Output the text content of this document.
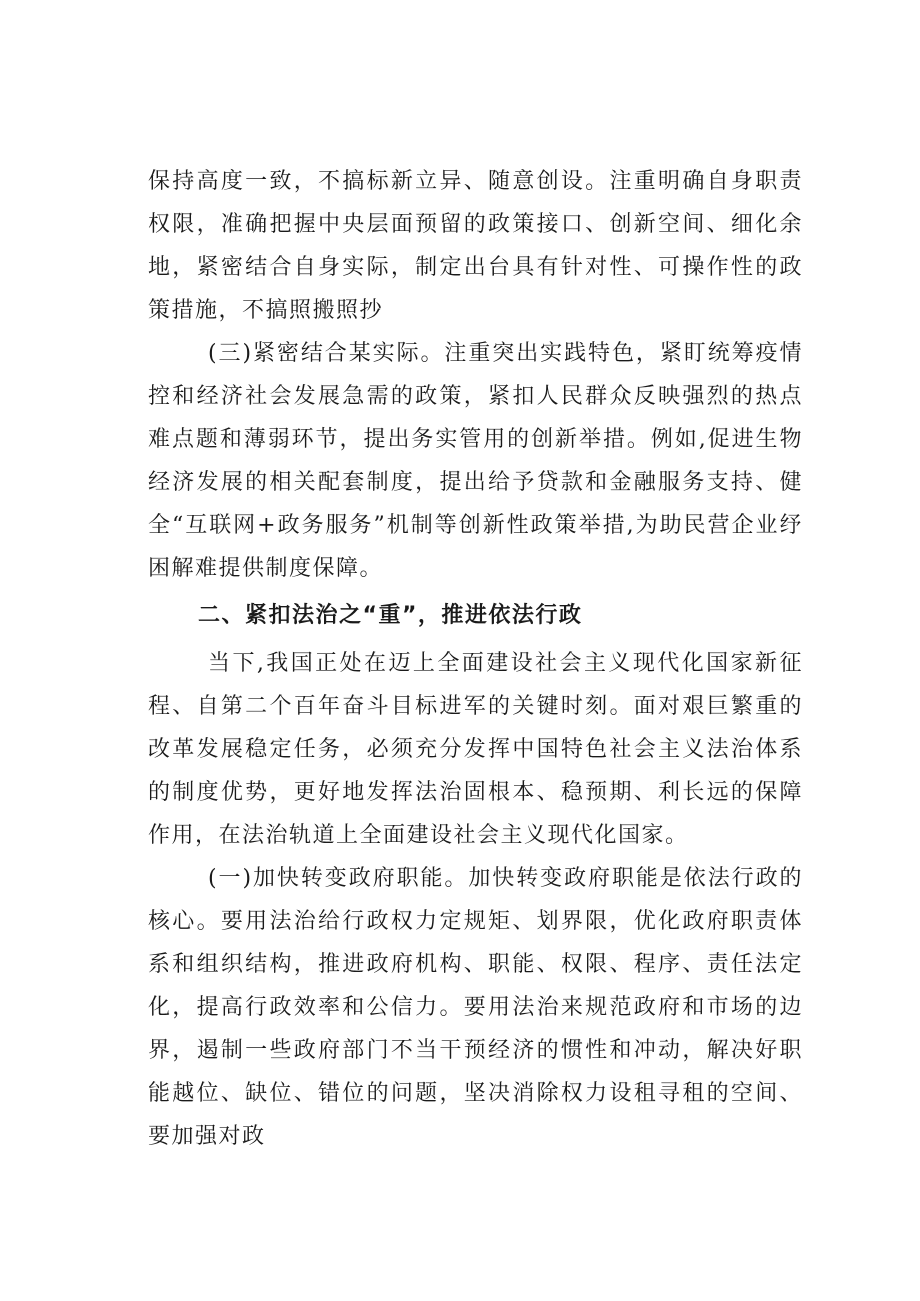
保持高度一致，不搞标新立异、随意创设。注重明确自身职责权限，准确把握中央层面预留的政策接口、创新空间、细化余地，紧密结合自身实际，制定出台具有针对性、可操作性的政策措施，不搞照搬照抄

(三)紧密结合某实际。注重突出实践特色，紧盯统筹疫情控和经济社会发展急需的政策，紧扣人民群众反映强烈的热点难点题和薄弱环节，提出务实管用的创新举措。例如,促进生物经济发展的相关配套制度，提出给予贷款和金融服务支持、健全“互联网+政务服务”机制等创新性政策举措,为助民营企业纾困解难提供制度保障。

二、紧扣法治之“重”，推进依法行政

当下,我国正处在迈上全面建设社会主义现代化国家新征程、自第二个百年奋斗目标进军的关键时刻。面对艰巨繁重的改革发展稳定任务，必须充分发挥中国特色社会主义法治体系的制度优势，更好地发挥法治固根本、稳预期、利长远的保障作用，在法治轨道上全面建设社会主义现代化国家。

(一)加快转变政府职能。加快转变政府职能是依法行政的核心。要用法治给行政权力定规矩、划界限，优化政府职责体系和组织结构，推进政府机构、职能、权限、程序、责任法定化，提高行政效率和公信力。要用法治来规范政府和市场的边界，遏制一些政府部门不当干预经济的惯性和冲动，解决好职能越位、缺位、错位的问题，坚决消除权力设租寻租的空间、要加强对政
